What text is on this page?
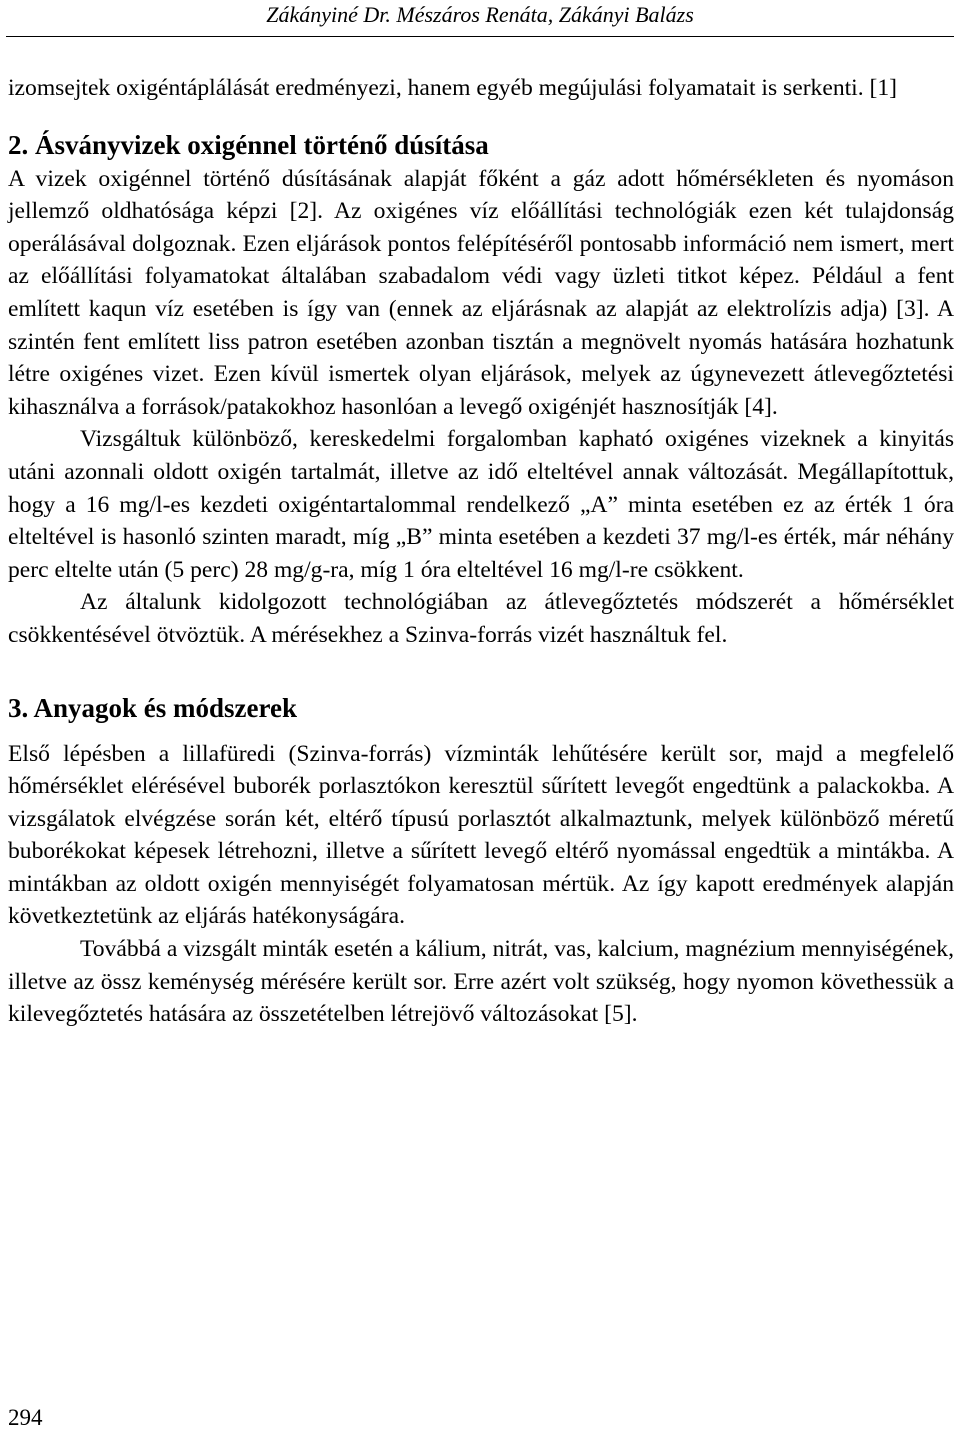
Zákányiné Dr. Mészáros Renáta, Zákányi Balázs

izomsejtek oxigéntáplálását eredményezi, hanem egyéb megújulási folyamatait is serkenti. [1]

2. Ásványvizek oxigénnel történő dúsítása

A vizek oxigénnel történő dúsításának alapját főként a gáz adott hőmérsékleten és nyomáson jellemző oldhatósága képzi [2]. Az oxigénes víz előállítási technológiák ezen két tulajdonság operálásával dolgoznak. Ezen eljárások pontos felépítéséről pontosabb információ nem ismert, mert az előállítási folyamatokat általában szabadalom védi vagy üzleti titkot képez. Például a fent említett kaqun víz esetében is így van (ennek az eljárásnak az alapját az elektrolízis adja) [3]. A szintén fent említett liss patron esetében azonban tisztán a megnövelt nyomás hatására hozhatunk létre oxigénes vizet. Ezen kívül ismertek olyan eljárások, melyek az úgynevezett átlevegőztetési kihasználva a források/patakokhoz hasonlóan a levegő oxigénjét hasznosítják [4].

Vizsgáltuk különböző, kereskedelmi forgalomban kapható oxigénes vizeknek a kinyitás utáni azonnali oldott oxigén tartalmát, illetve az idő elteltével annak változását. Megállapítottuk, hogy a 16 mg/l-es kezdeti oxigéntartalommal rendelkező „A” minta esetében ez az érték 1 óra elteltével is hasonló szinten maradt, míg „B” minta esetében a kezdeti 37 mg/l-es érték, már néhány perc eltelte után (5 perc) 28 mg/g-ra, míg 1 óra elteltével 16 mg/l-re csökkent.

Az általunk kidolgozott technológiában az átlevegőztetés módszerét a hőmérséklet csökkentésével ötvöztük. A mérésekhez a Szinva-forrás vizét használtuk fel.

3. Anyagok és módszerek

Első lépésben a lillafüredi (Szinva-forrás) vízminták lehűtésére került sor, majd a megfelelő hőmérséklet elérésével buborék porlasztókon keresztül sűrített levegőt engedtünk a palackokba. A vizsgálatok elvégzése során két, eltérő típusú porlasztót alkalmaztunk, melyek különböző méretű buborékokat képesek létrehozni, illetve a sűrített levegő eltérő nyomással engedtük a mintákba. A mintákban az oldott oxigén mennyiségét folyamatosan mértük. Az így kapott eredmények alapján következtetünk az eljárás hatékonyságára.

Továbbá a vizsgált minták esetén a kálium, nitrát, vas, kalcium, magnézium mennyiségének, illetve az össz keménység mérésére került sor. Erre azért volt szükség, hogy nyomon követhessük a kilevegőztetés hatására az összetételben létrejövő változásokat [5].

294
